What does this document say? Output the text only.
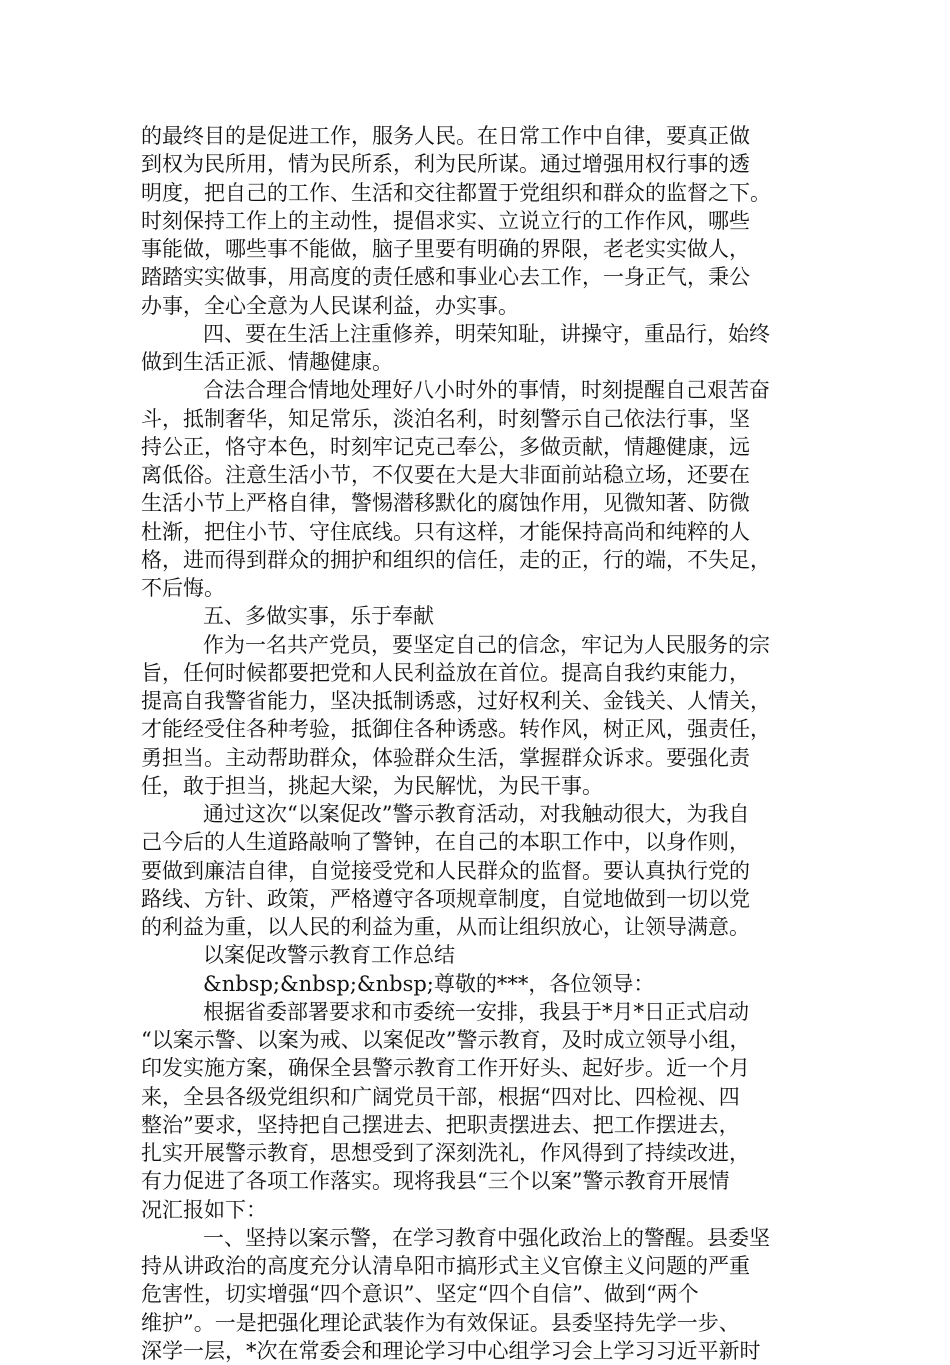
的最终目的是促进工作，服务人民。在日常工作中自律，要真正做
到权为民所用，情为民所系，利为民所谋。通过增强用权行事的透
明度，把自己的工作、生活和交往都置于党组织和群众的监督之下。
时刻保持工作上的主动性，提倡求实、立说立行的工作作风，哪些
事能做，哪些事不能做，脑子里要有明确的界限，老老实实做人，
踏踏实实做事，用高度的责任感和事业心去工作，一身正气，秉公
办事，全心全意为人民谋利益，办实事。
四、要在生活上注重修养，明荣知耻，讲操守，重品行，始终
做到生活正派、情趣健康。
合法合理合情地处理好八小时外的事情，时刻提醒自己艰苦奋
斗，抵制奢华，知足常乐，淡泊名利，时刻警示自己依法行事，坚
持公正，恪守本色，时刻牢记克己奉公，多做贡献，情趣健康，远
离低俗。注意生活小节，不仅要在大是大非面前站稳立场，还要在
生活小节上严格自律，警惕潜移默化的腐蚀作用，见微知著、防微
杜渐，把住小节、守住底线。只有这样，才能保持高尚和纯粹的人
格，进而得到群众的拥护和组织的信任，走的正，行的端，不失足，
不后悔。
五、多做实事，乐于奉献
作为一名共产党员，要坚定自己的信念，牢记为人民服务的宗
旨，任何时候都要把党和人民利益放在首位。提高自我约束能力，
提高自我警省能力，坚决抵制诱惑，过好权利关、金钱关、人情关，
才能经受住各种考验，抵御住各种诱惑。转作风，树正风，强责任，
勇担当。主动帮助群众，体验群众生活，掌握群众诉求。要强化责
任，敢于担当，挑起大梁，为民解忧，为民干事。
通过这次“以案促改”警示教育活动，对我触动很大，为我自
己今后的人生道路敲响了警钟，在自己的本职工作中，以身作则，
要做到廉洁自律，自觉接受党和人民群众的监督。要认真执行党的
路线、方针、政策，严格遵守各项规章制度，自觉地做到一切以党
的利益为重，以人民的利益为重，从而让组织放心，让领导满意。
以案促改警示教育工作总结
&nbsp;&nbsp;&nbsp;尊敬的***，各位领导：
根据省委部署要求和市委统一安排，我县于*月*日正式启动
“以案示警、以案为戒、以案促改”警示教育，及时成立领导小组，
印发实施方案，确保全县警示教育工作开好头、起好步。近一个月
来，全县各级党组织和广阔党员干部，根据“四对比、四检视、四
整治”要求，坚持把自己摆进去、把职责摆进去、把工作摆进去，
扎实开展警示教育，思想受到了深刻洗礼，作风得到了持续改进，
有力促进了各项工作落实。现将我县“三个以案”警示教育开展情
况汇报如下：
一、坚持以案示警，在学习教育中强化政治上的警醒。县委坚
持从讲政治的高度充分认清阜阳市搞形式主义官僚主义问题的严重
危害性，切实增强“四个意识”、坚定“四个自信”、做到“两个
维护”。一是把强化理论武装作为有效保证。县委坚持先学一步、
深学一层，*次在常委会和理论学习中心组学习会上学习习近平新时
